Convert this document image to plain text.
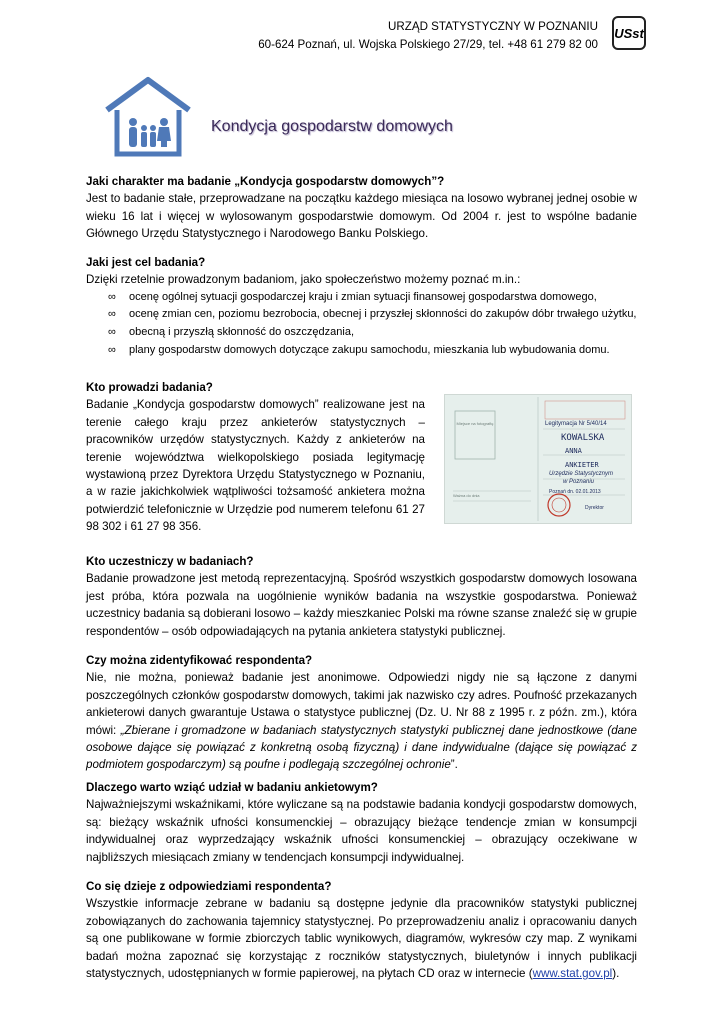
URZĄD STATYSTYCZNY W POZNANIU
60-624 Poznań, ul. Wojska Polskiego 27/29, tel. +48 61 279 82 00
USst
Kondycja gospodarstw domowych

Jaki charakter ma badanie „Kondycja gospodarstw domowych”?

Jest to badanie stałe, przeprowadzane na początku każdego miesiąca na losowo wybranej jednej osobie w wieku 16 lat i więcej w wylosowanym gospodarstwie domowym. Od 2004 r. jest to wspólne badanie Głównego Urzędu Statystycznego i Narodowego Banku Polskiego.

Jaki jest cel badania?

Dzięki rzetelnie prowadzonym badaniom, jako społeczeństwo możemy poznać m.in.:

∞ ocenę ogólnej sytuacji gospodarczej kraju i zmian sytuacji finansowej gospodarstwa domowego,
∞ ocenę zmian cen, poziomu bezrobocia, obecnej i przyszłej skłonności do zakupów dóbr trwałego użytku,
∞ obecną i przyszłą skłonność do oszczędzania,
∞ plany gospodarstw domowych dotyczące zakupu samochodu, mieszkania lub wybudowania domu.

Kto prowadzi badania?

Badanie „Kondycja gospodarstw domowych” realizowane jest na terenie całego kraju przez ankieterów statystycznych – pracowników urzędów statystycznych. Każdy z ankieterów na terenie województwa wielkopolskiego posiada legitymację wystawioną przez Dyrektora Urzędu Statystycznego w Poznaniu, a w razie jakichkolwiek wątpliwości tożsamość ankietera można potwierdzić telefonicznie w Urzędzie pod numerem telefonu 61 27 98 302 i 61 27 98 356.

Miejsce na fotografię
Ważna do dnia
Legitymacja Nr 5/40/14
KOWALSKA
ANNA
ANKIETER
Urzędzie Statystycznym
w Poznaniu
Poznań dn. 02.01.2013
Dyrektor

Kto uczestniczy w badaniach?

Badanie prowadzone jest metodą reprezentacyjną. Spośród wszystkich gospodarstw domowych losowana jest próba, która pozwala na uogólnienie wyników badania na wszystkie gospodarstwa. Ponieważ uczestnicy badania są dobierani losowo – każdy mieszkaniec Polski ma równe szanse znaleźć się w grupie respondentów – osób odpowiadających na pytania ankietera statystyki publicznej.

Czy można zidentyfikować respondenta?

Nie, nie można, ponieważ badanie jest anonimowe. Odpowiedzi nigdy nie są łączone z danymi poszczególnych członków gospodarstw domowych, takimi jak nazwisko czy adres. Poufność przekazanych ankieterowi danych gwarantuje Ustawa o statystyce publicznej (Dz. U. Nr 88 z 1995 r. z późn. zm.), która mówi: „Zbierane i gromadzone w badaniach statystycznych statystyki publicznej dane jednostkowe (dane osobowe dające się powiązać z konkretną osobą fizyczną) i dane indywidualne (dające się powiązać z podmiotem gospodarczym) są poufne i podlegają szczególnej ochronie”.

Dlaczego warto wziąć udział w badaniu ankietowym?

Najważniejszymi wskaźnikami, które wyliczane są na podstawie badania kondycji gospodarstw domowych, są: bieżący wskaźnik ufności konsumenckiej – obrazujący bieżące tendencje zmian w konsumpcji indywidualnej oraz wyprzedzający wskaźnik ufności konsumenckiej – obrazujący oczekiwane w najbliższych miesiącach zmiany w tendencjach konsumpcji indywidualnej.

Co się dzieje z odpowiedziami respondenta?

Wszystkie informacje zebrane w badaniu są dostępne jedynie dla pracowników statystyki publicznej zobowiązanych do zachowania tajemnicy statystycznej. Po przeprowadzeniu analiz i opracowaniu danych są one publikowane w formie zbiorczych tablic wynikowych, diagramów, wykresów czy map. Z wynikami badań można zapoznać się korzystając z roczników statystycznych, biuletynów i innych publikacji statystycznych, udostępnianych w formie papierowej, na płytach CD oraz w internecie (www.stat.gov.pl).
